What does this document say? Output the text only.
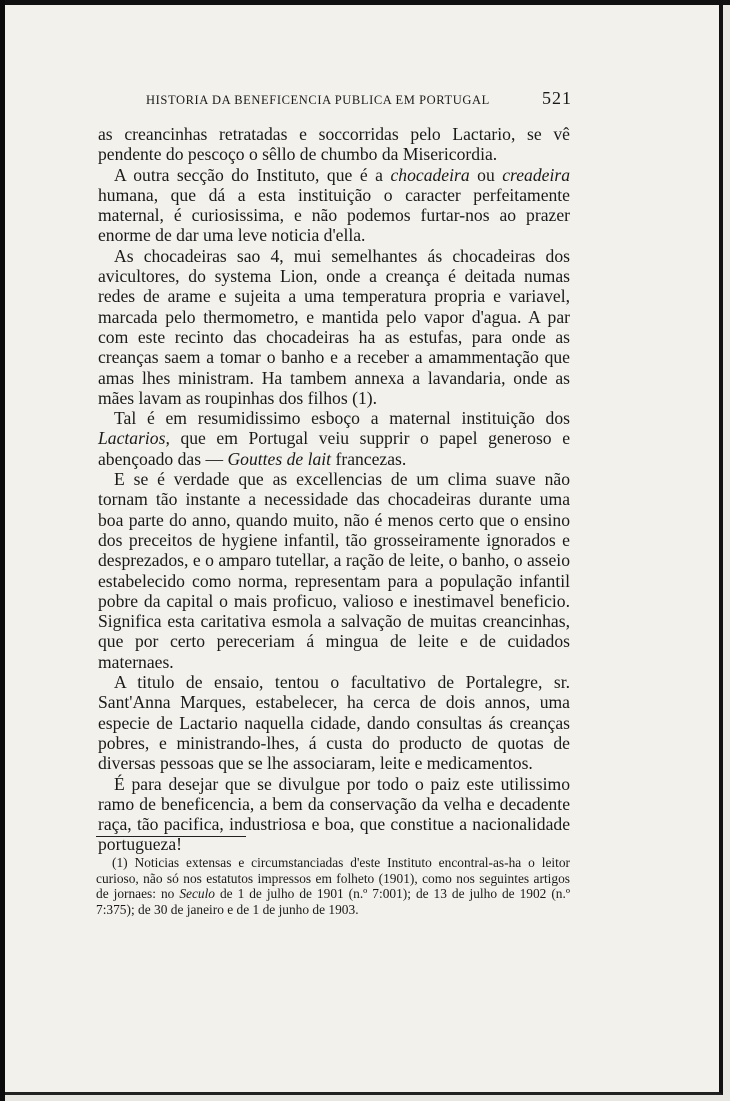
HISTORIA DA BENEFICENCIA PUBLICA EM PORTUGAL	521

as creancinhas retratadas e soccorridas pelo Lactario, se vê pendente do pescoço o sêllo de chumbo da Misericordia.

A outra secção do Instituto, que é a chocadeira ou creadeira humana, que dá a esta instituição o caracter perfeitamente maternal, é curiosissima, e não podemos furtar-nos ao prazer enorme de dar uma leve noticia d'ella.

As chocadeiras sao 4, mui semelhantes ás chocadeiras dos avicultores, do systema Lion, onde a creança é deitada numas redes de arame e sujeita a uma temperatura propria e variavel, marcada pelo thermometro, e mantida pelo vapor d'agua. A par com este recinto das chocadeiras ha as estufas, para onde as creanças saem a tomar o banho e a receber a amammentação que amas lhes ministram. Ha tambem annexa a lavandaria, onde as mães lavam as roupinhas dos filhos (1).

Tal é em resumidissimo esboço a maternal instituição dos Lactarios, que em Portugal veiu supprir o papel generoso e abençoado das — Gouttes de lait francezas.

E se é verdade que as excellencias de um clima suave não tornam tão instante a necessidade das chocadeiras durante uma boa parte do anno, quando muito, não é menos certo que o ensino dos preceitos de hygiene infantil, tão grosseiramente ignorados e desprezados, e o amparo tutellar, a ração de leite, o banho, o asseio estabelecido como norma, representam para a população infantil pobre da capital o mais proficuo, valioso e inestimavel beneficio. Significa esta caritativa esmola a salvação de muitas creancinhas, que por certo pereceriam á mingua de leite e de cuidados maternaes.

A titulo de ensaio, tentou o facultativo de Portalegre, sr. Sant'Anna Marques, estabelecer, ha cerca de dois annos, uma especie de Lactario naquella cidade, dando consultas ás creanças pobres, e ministrando-lhes, á custa do producto de quotas de diversas pessoas que se lhe associaram, leite e medicamentos.

É para desejar que se divulgue por todo o paiz este utilissimo ramo de beneficencia, a bem da conservação da velha e decadente raça, tão pacifica, industriosa e boa, que constitue a nacionalidade portugueza!

(1) Noticias extensas e circumstanciadas d'este Instituto encontral-as-ha o leitor curioso, não só nos estatutos impressos em folheto (1901), como nos seguintes artigos de jornaes: no Seculo de 1 de julho de 1901 (n.º 7:001); de 13 de julho de 1902 (n.º 7:375); de 30 de janeiro e de 1 de junho de 1903.
